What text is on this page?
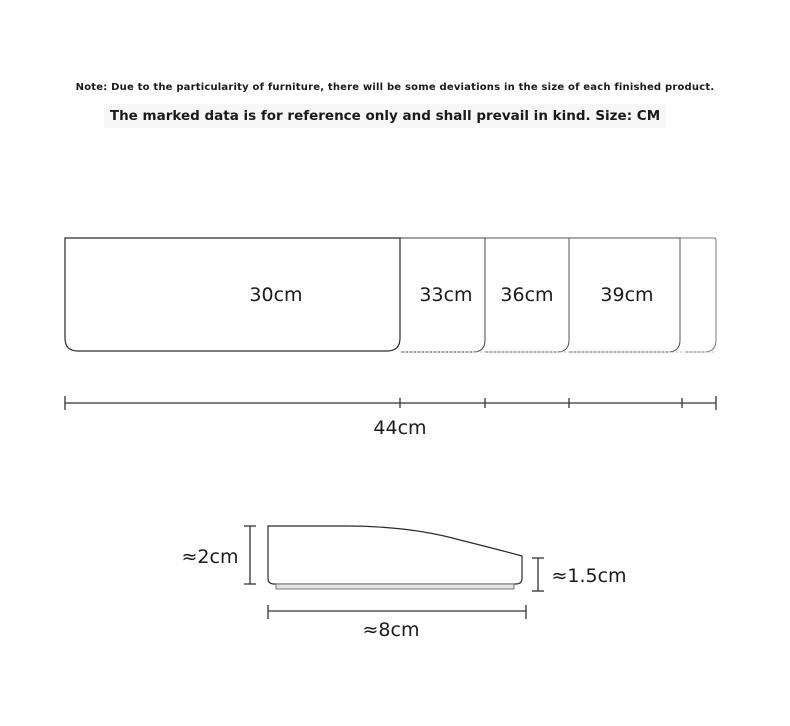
Note: Due to the particularity of furniture, there will be some deviations in the size of each finished product.
The marked data is for reference only and shall prevail in kind. Size: CM
30cm	33cm 36cm 39cm
44cm
≈2cm
≈1.5cm
≈8cm
